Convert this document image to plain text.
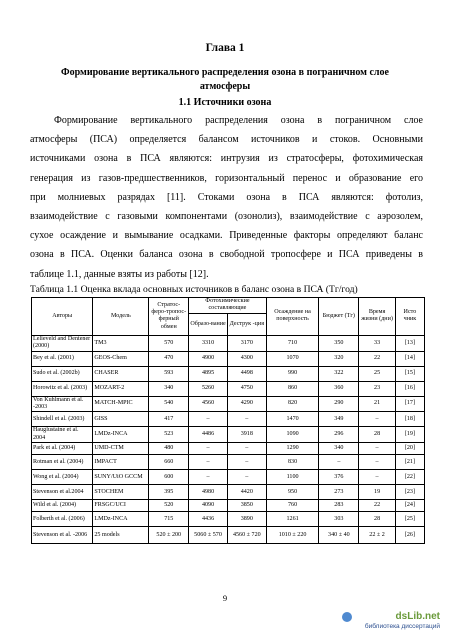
Глава 1
Формирование вертикального распределения озона в пограничном слое
атмосферы
1.1 Источники озона
Формирование вертикального распределения озона в пограничном слое
атмосферы (ПСА) определяется балансом источников и стоков. Основными
источниками озона в ПСА являются: интрузия из стратосферы, фотохимическая
генерация из газов-предшественников, горизонтальный перенос и образование его
при молниевых разрядах [11]. Стоками озона в ПСА являются: фотолиз,
взаимодействие с газовыми компонентами (озонолиз), взаимодействие с аэрозолем,
сухое осаждение и вымывание осадками. Приведенные факторы определяют баланс
озона в ПСА. Оценки баланса озона в свободной тропосфере и ПСА приведены в
таблице 1.1, данные взяты из работы [12].
Таблица 1.1 Оценка вклада основных источников в баланс озона в ПСА (Тг/год)
Авторы	Модель	Стратос-феро-тропос-ферный обмен	Фотохимические составляющие		Осаждение на поверхность	Бюджет (Тг)	Время жизни (дни)	Исто чник
			Образо-вание	Деструк -ция				
Lelieveld and Dentener (2000)	TM3	570	3310	3170	710	350	33	[13]
Bey et al. (2001)	GEOS-Chem	470	4900	4300	1070	320	22	[14]
Sudo et al. (2002b)	CHASER	593	4895	4498	990	322	25	[15]
Horowitz et al. (2003)	MOZART-2	340	5260	4750	860	360	23	[16]
Von Kuhlmann et al. -2003	MATCH-MPIC	540	4560	4290	820	290	21	[17]
Shindell et al. (2003)	GISS	417	–	–	1470	349	–	[18]
Hauglustaine et al. 2004	LMDz-INCA	523	4486	3918	1090	296	28	[19]
Park et al. (2004)	UMD-CTM	480	–	–	1290	340	–	[20]
Rotman et al. (2004)	IMPACT	660	–	–	830	–	–	[21]
Wong et al. (2004)	SUNY/UiO GCCM	600	–	–	1100	376	–	[22]
Stevenson et al.2004	STOCHEM	395	4980	4420	950	273	19	[23]
Wild et al. (2004)	FRSGC/UCI	520	4090	3850	760	283	22	[24]
Folberth et al. (2006)	LMDz-INCA	715	4436	3890	1261	303	28	[25]
Stevenson et al. -2006	25 models	520 ± 200	5060 ± 570	4560 ± 720	1010 ± 220	340 ± 40	22 ± 2	[26]
9
dsLib.net
библиотека диссертаций
